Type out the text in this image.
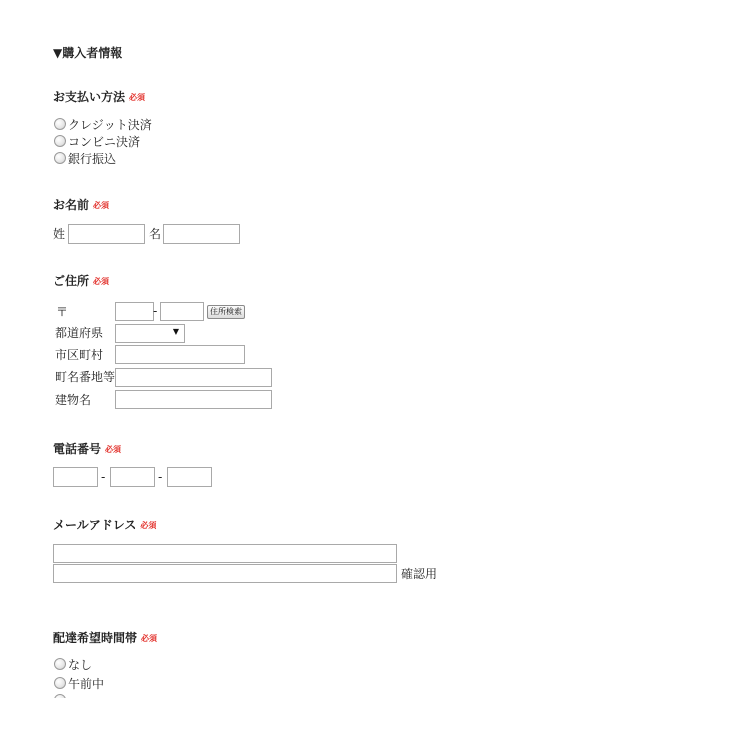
▼購入者情報
お支払い方法 必須
クレジット決済
コンビニ決済
銀行振込
お名前 必須
姓	名
ご住所 必須
〒	-	住所検索
都道府県	▼
市区町村
町名番地等
建物名
電話番号 必須
-	-
メールアドレス 必須
確認用
配達希望時間帯 必須
なし
午前中
